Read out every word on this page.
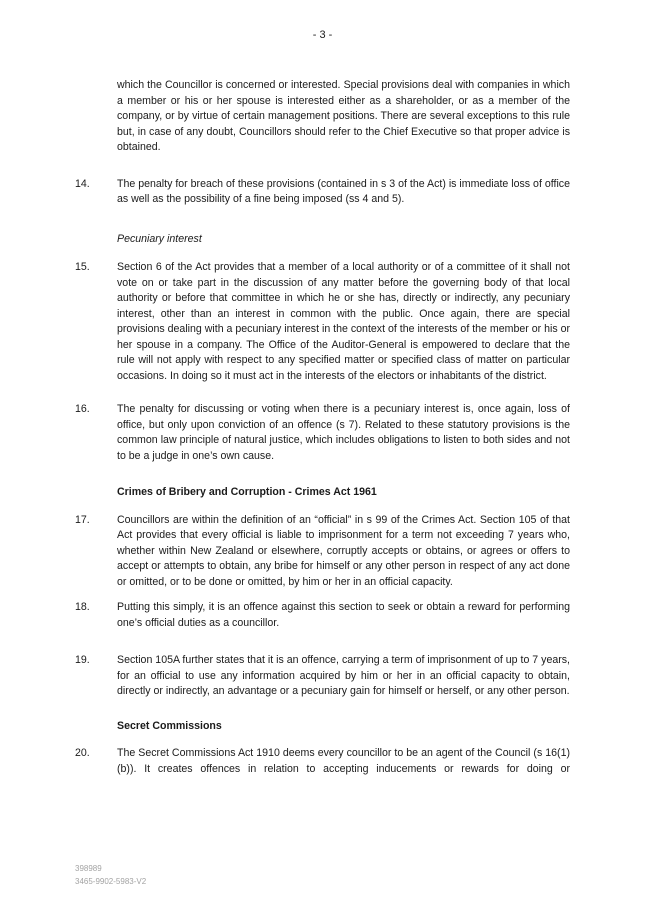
- 3 -
which the Councillor is concerned or interested. Special provisions deal with companies in which a member or his or her spouse is interested either as a shareholder, or as a member of the company, or by virtue of certain management positions. There are several exceptions to this rule but, in case of any doubt, Councillors should refer to the Chief Executive so that proper advice is obtained.
14.	The penalty for breach of these provisions (contained in s 3 of the Act) is immediate loss of office as well as the possibility of a fine being imposed (ss 4 and 5).
Pecuniary interest
15.	Section 6 of the Act provides that a member of a local authority or of a committee of it shall not vote on or take part in the discussion of any matter before the governing body of that local authority or before that committee in which he or she has, directly or indirectly, any pecuniary interest, other than an interest in common with the public. Once again, there are special provisions dealing with a pecuniary interest in the context of the interests of the member or his or her spouse in a company. The Office of the Auditor-General is empowered to declare that the rule will not apply with respect to any specified matter or specified class of matter on particular occasions. In doing so it must act in the interests of the electors or inhabitants of the district.
16.	The penalty for discussing or voting when there is a pecuniary interest is, once again, loss of office, but only upon conviction of an offence (s 7). Related to these statutory provisions is the common law principle of natural justice, which includes obligations to listen to both sides and not to be a judge in one’s own cause.
Crimes of Bribery and Corruption - Crimes Act 1961
17.	Councillors are within the definition of an “official” in s 99 of the Crimes Act. Section 105 of that Act provides that every official is liable to imprisonment for a term not exceeding 7 years who, whether within New Zealand or elsewhere, corruptly accepts or obtains, or agrees or offers to accept or attempts to obtain, any bribe for himself or any other person in respect of any act done or omitted, or to be done or omitted, by him or her in an official capacity.
18.	Putting this simply, it is an offence against this section to seek or obtain a reward for performing one’s official duties as a councillor.
19.	Section 105A further states that it is an offence, carrying a term of imprisonment of up to 7 years, for an official to use any information acquired by him or her in an official capacity to obtain, directly or indirectly, an advantage or a pecuniary gain for himself or herself, or any other person.
Secret Commissions
20.	The Secret Commissions Act 1910 deems every councillor to be an agent of the Council (s 16(1)(b)). It creates offences in relation to accepting inducements or rewards for doing or
398989
3465-9902-5983-V2
